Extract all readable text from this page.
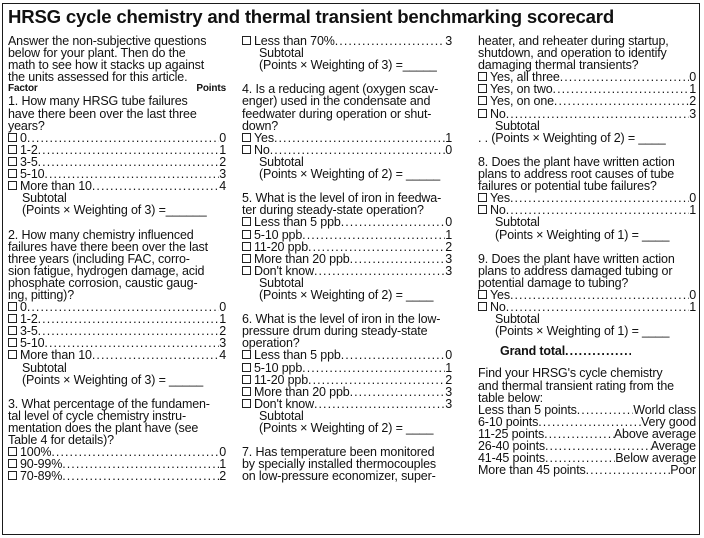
HRSG cycle chemistry and thermal transient benchmarking scorecard
Answer the non-subjective questions
below for your plant. Then do the
math to see how it stacks up against
the units assessed for this article.
Factor	Points
1. How many HRSG tube failures
have there been over the last three
years?
0 . . .	0
1-2 . . .	1
3-5 . . .	2
5-10 . . .	3
More than 10 . . .	4
Subtotal
(Points × Weighting of 3) =______
2. How many chemistry influenced
failures have there been over the last
three years (including FAC, corro-
sion fatigue, hydrogen damage, acid
phosphate corrosion, caustic gaug-
ing, pitting)?
0 . . .	0
1-2 . . .	1
3-5 . . .	2
5-10 . . .	3
More than 10 . . .	4
Subtotal
(Points × Weighting of 3) = _____
3. What percentage of the fundamen-
tal level of cycle chemistry instru-
mentation does the plant have (see
Table 4 for details)?
100% . . .	0
90-99% . . .	1
70-89% . . .	2
Less than 70% . . .	3
Subtotal
(Points × Weighting of 3) =_____
4. Is a reducing agent (oxygen scav-
enger) used in the condensate and
feedwater during operation or shut-
down?
Yes . . .	1
No . . .	0
Subtotal
(Points × Weighting of 2) = _____
5. What is the level of iron in feedwa-
ter during steady-state operation?
Less than 5 ppb . . .	0
5-10 ppb . . .	1
11-20 ppb . . .	2
More than 20 ppb . . .	3
Don't know . . .	3
Subtotal
(Points × Weighting of 2) = ____
6. What is the level of iron in the low-
pressure drum during steady-state
operation?
Less than 5 ppb . . .	0
5-10 ppb . . .	1
11-20 ppb . . .	2
More than 20 ppb . . .	3
Don't know . . .	3
Subtotal
(Points × Weighting of 2) = ____
7. Has temperature been monitored
by specially installed thermocouples
on low-pressure economizer, super-
heater, and reheater during startup,
shutdown, and operation to identify
damaging thermal transients?
Yes, all three . . .	0
Yes, on two . . .	1
Yes, on one . . .	2
No . . .	3
Subtotal
. . (Points × Weighting of 2) = ____
8. Does the plant have written action
plans to address root causes of tube
failures or potential tube failures?
Yes . . .	0
No . . .	1
Subtotal
(Points × Weighting of 1) = ____
9. Does the plant have written action
plans to address damaged tubing or
potential damage to tubing?
Yes . . .	0
No . . .	1
Subtotal
(Points × Weighting of 1) = ____
Grand total
. . .
Find your HRSG's cycle chemistry
and thermal transient rating from the
table below:
Less than 5 points . . .	World class
6-10 points . . .	Very good
11-25 points . . .	Above average
26-40 points . . .	Average
41-45 points . . .	Below average
More than 45 points . . .	Poor
